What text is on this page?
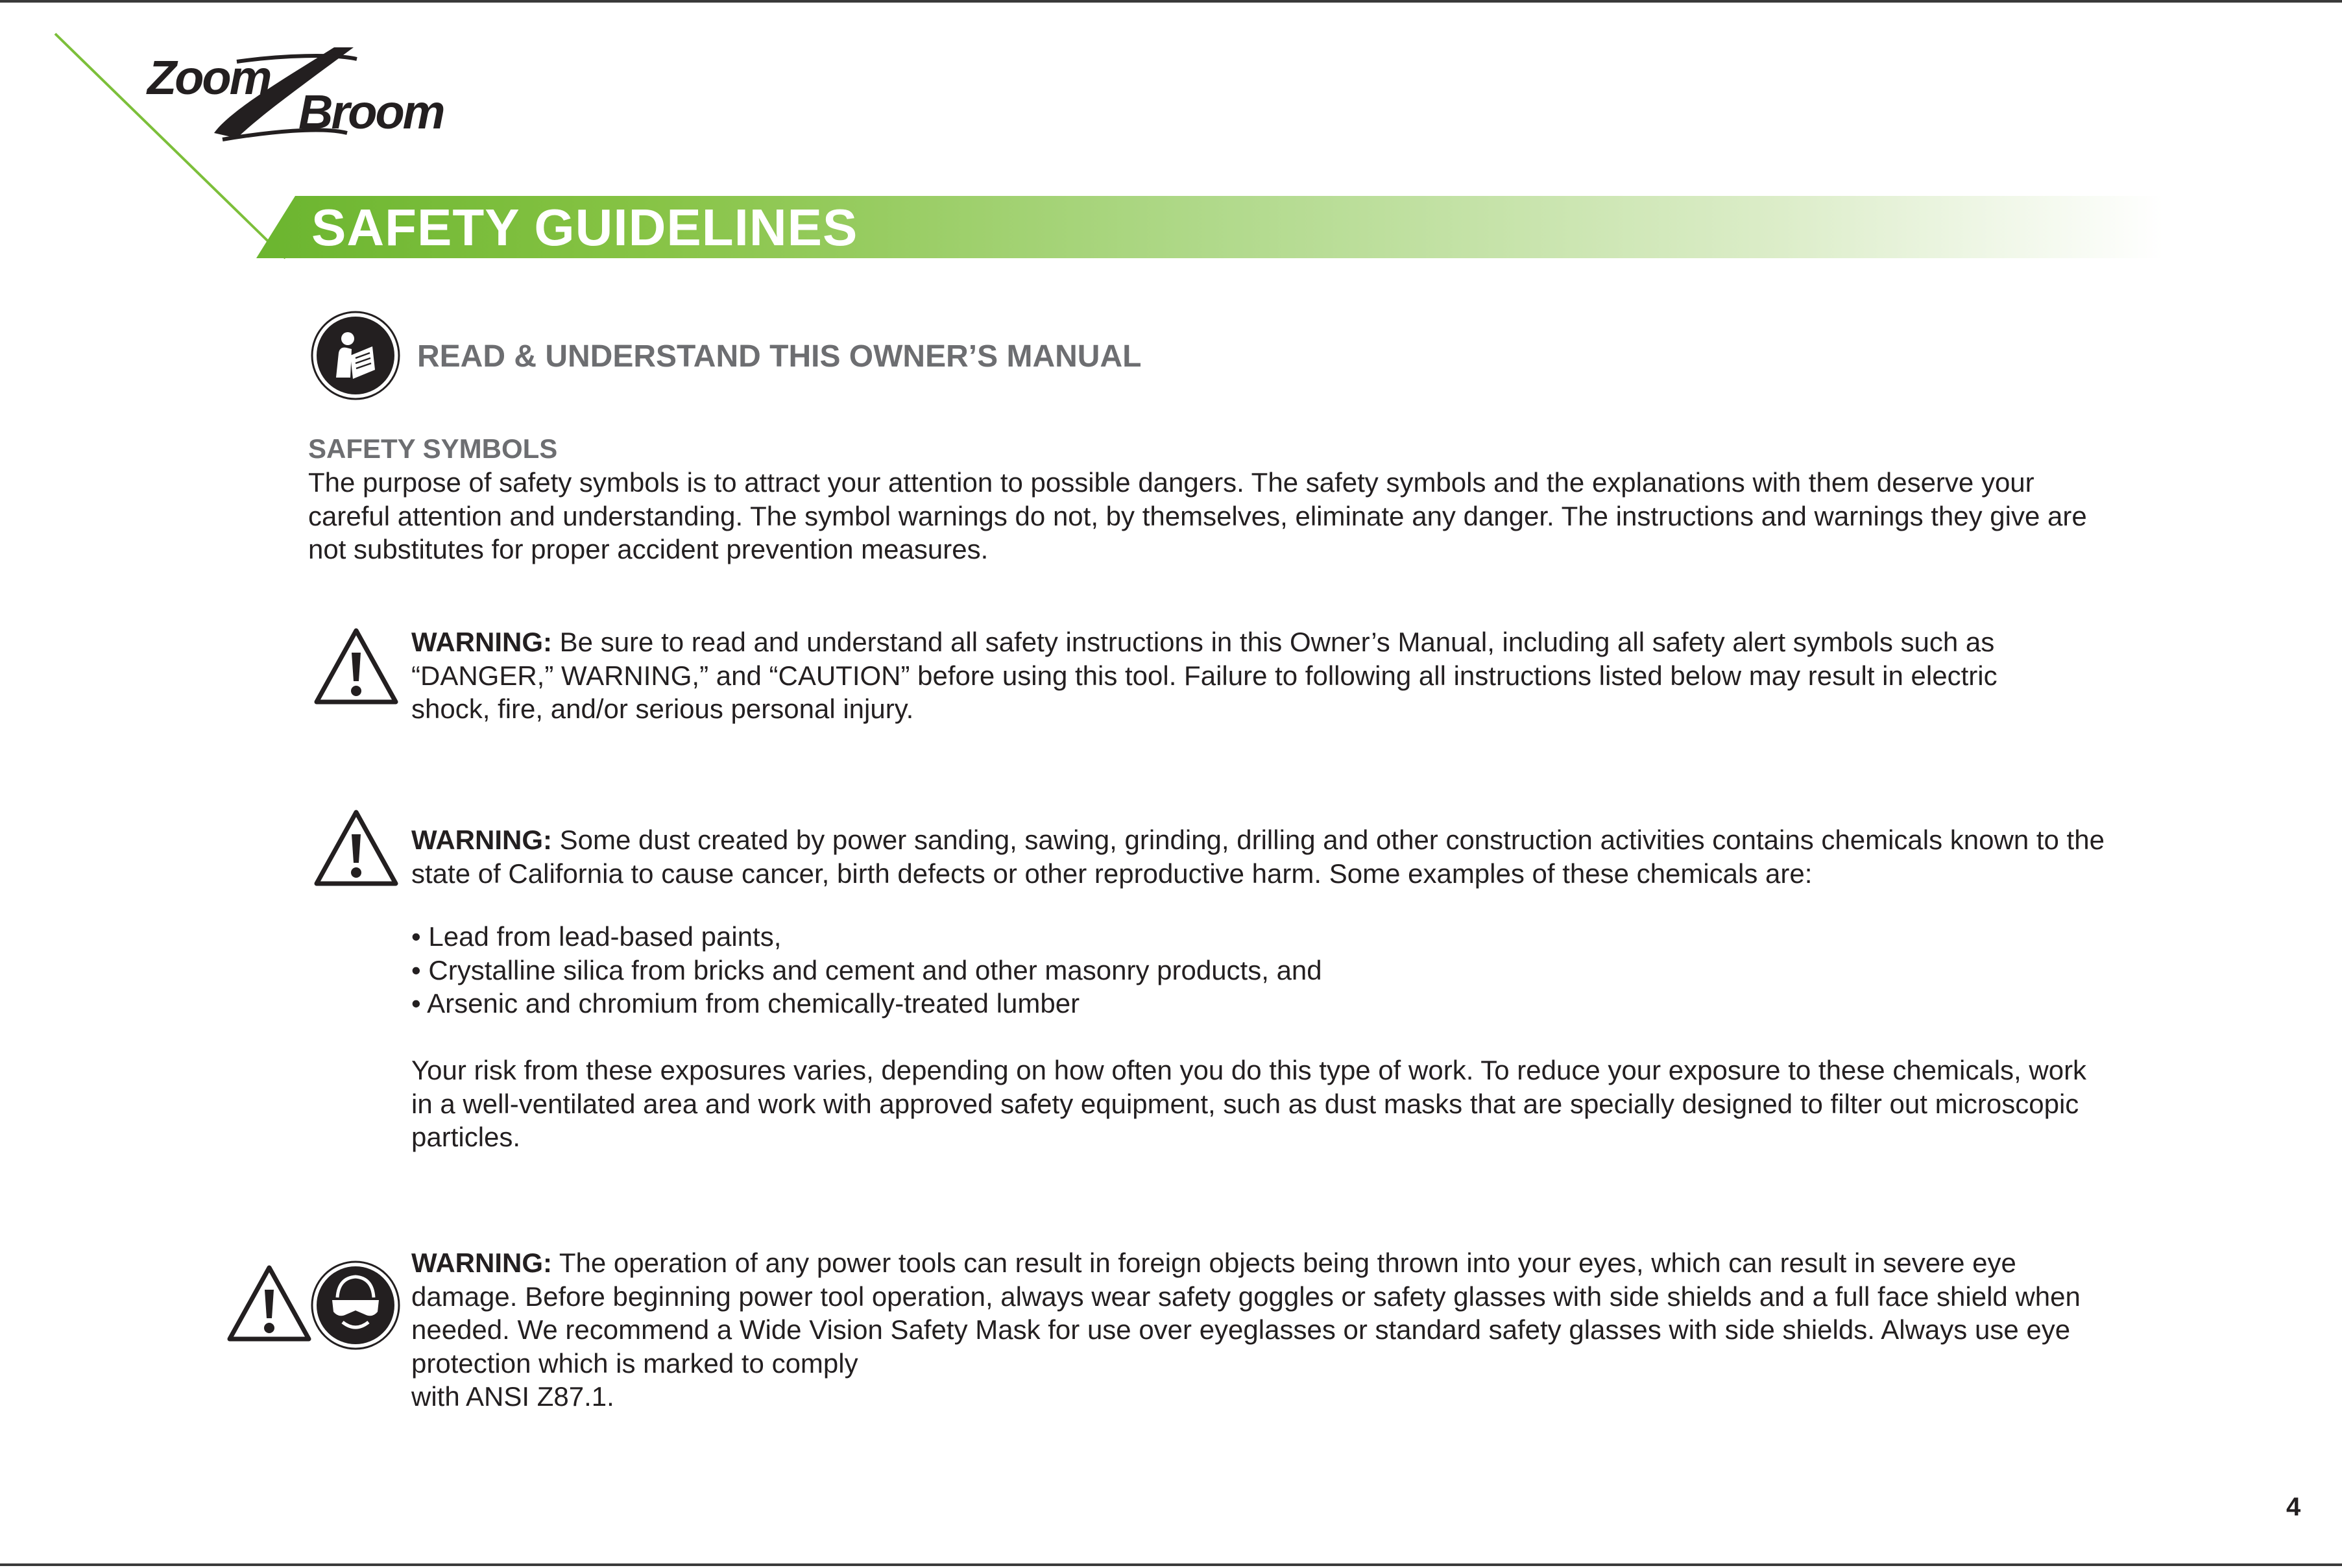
Zoom
Broom
SAFETY GUIDELINES
READ & UNDERSTAND THIS OWNER’S MANUAL
SAFETY SYMBOLS

The purpose of safety symbols is to attract your attention to possible dangers. The safety symbols and the explanations with them deserve your careful attention and understanding. The symbol warnings do not, by themselves, eliminate any danger. The instructions and warnings they give are not substitutes for proper accident prevention measures.

WARNING: Be sure to read and understand all safety instructions in this Owner’s Manual, including all safety alert symbols such as “DANGER,” WARNING,” and “CAUTION” before using this tool. Failure to following all instructions listed below may result in electric shock, fire, and/or serious personal injury.

WARNING: Some dust created by power sanding, sawing, grinding, drilling and other construction activities contains chemicals known to the state of California to cause cancer, birth defects or other reproductive harm. Some examples of these chemicals are:

• Lead from lead-based paints,
• Crystalline silica from bricks and cement and other masonry products, and
• Arsenic and chromium from chemically-treated lumber

Your risk from these exposures varies, depending on how often you do this type of work. To reduce your exposure to these chemicals, work in a well-ventilated area and work with approved safety equipment, such as dust masks that are specially designed to filter out microscopic particles.

WARNING: The operation of any power tools can result in foreign objects being thrown into your eyes, which can result in severe eye damage. Before beginning power tool operation, always wear safety goggles or safety glasses with side shields and a full face shield when needed. We recommend a Wide Vision Safety Mask for use over eyeglasses or standard safety glasses with side shields. Always use eye protection which is marked to comply

with ANSI Z87.1.

4
